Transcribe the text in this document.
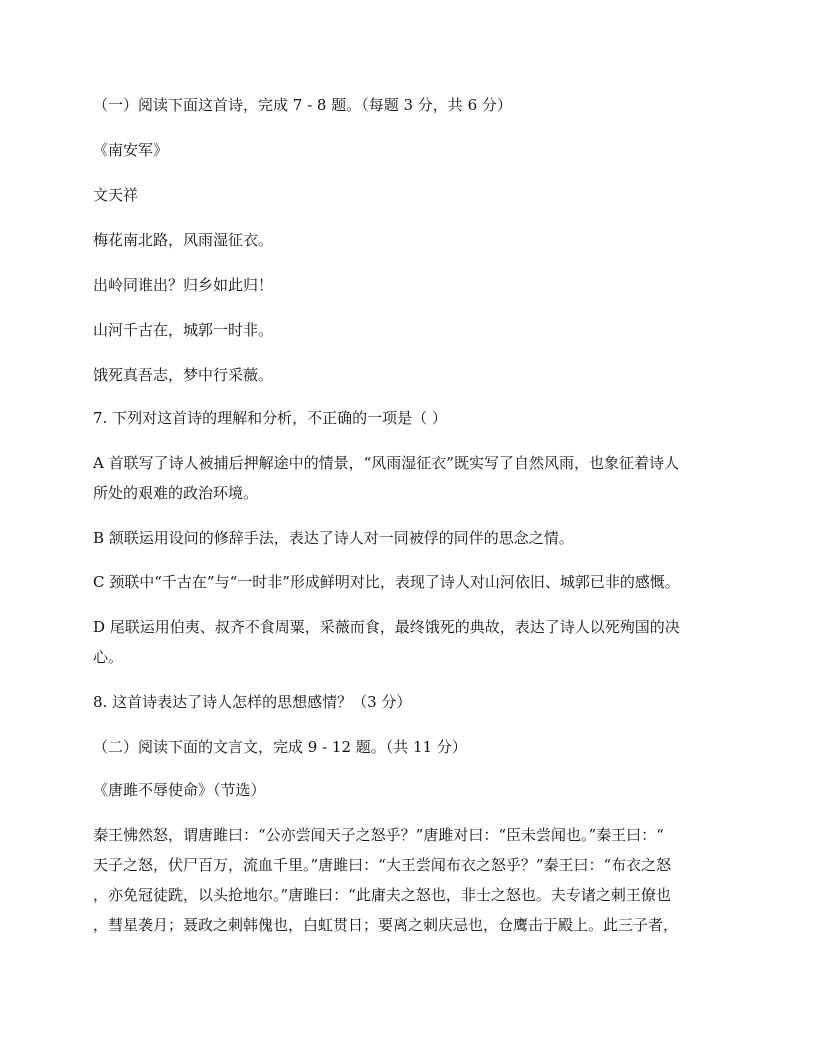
（一）阅读下面这首诗，完成 7 - 8 题。（每题 3 分，共 6 分）
《南安军》
文天祥
梅花南北路，风雨湿征衣。
出岭同谁出？归乡如此归！
山河千古在，城郭一时非。
饿死真吾志，梦中行采薇。
7. 下列对这首诗的理解和分析，不正确的一项是（ ）
A 首联写了诗人被捕后押解途中的情景，“风雨湿征衣”既实写了自然风雨，也象征着诗人
所处的艰难的政治环境。
B 颔联运用设问的修辞手法，表达了诗人对一同被俘的同伴的思念之情。
C 颈联中“千古在”与“一时非”形成鲜明对比，表现了诗人对山河依旧、城郭已非的感慨。
D 尾联运用伯夷、叔齐不食周粟，采薇而食，最终饿死的典故，表达了诗人以死殉国的决
心。
8. 这首诗表达了诗人怎样的思想感情？（3 分）
（二）阅读下面的文言文，完成 9 - 12 题。（共 11 分）
《唐雎不辱使命》（节选）
秦王怫然怒，谓唐雎曰：“公亦尝闻天子之怒乎？”唐雎对曰：“臣未尝闻也。”秦王曰：“
天子之怒，伏尸百万，流血千里。”唐雎曰：“大王尝闻布衣之怒乎？”秦王曰：“布衣之怒
，亦免冠徒跣，以头抢地尔。”唐雎曰：“此庸夫之怒也，非士之怒也。夫专诸之刺王僚也
，彗星袭月；聂政之刺韩傀也，白虹贯日；要离之刺庆忌也，仓鹰击于殿上。此三子者，
